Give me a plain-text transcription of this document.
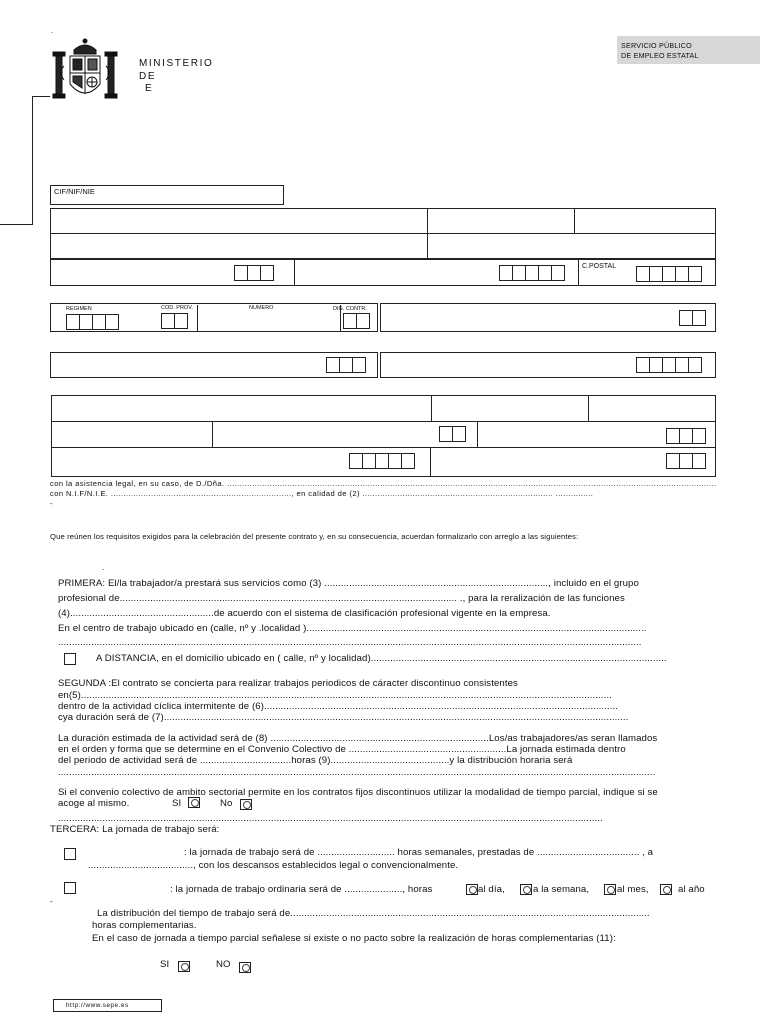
-
MINISTERIO
DE
E
SERVICIO PÚBLICO
DE EMPLEO ESTATAL
CIF/NIF/NIE
C.POSTAL
REGIMEN	COD. PROV.	NUMERO	DIG. CONTR.
con la asistencia legal, en su caso, de D./Dña. ...................................................................................................................................................................................................
con N.I.F/N.I.E. ........................................................................, en calidad de (2) ............................................................................ ...............
-
Que reúnen los requisitos exigidos para la celebración del presente contrato y, en su consecuencia, acuerdan formalizarlo con arreglo a las siguientes:
.
PRIMERA: El/la trabajador/a prestará sus servicios como (3) ................................................................................., incluido en el grupo
profesional de.......................................................................................................................... ., para la reralización de las funciones
(4)....................................................de acuerdo con el sistema de clasificación profesional vigente en la empresa.
En el centro de trabajo ubicado en (calle, nº y .localidad )...........................................................................................................................
...................................................................................................................................................................................................................
A DISTANCIA, en el domicilio ubicado en ( calle, nº y localidad)...........................................................................................................
SEGUNDA :El contrato se concierta para realizar trabajos periodicos de cáracter discontinuo consistentes
en(5)................................................................................................................................................................................................
dentro de la actividad cíclica intermitente de (6)................................................................................................................................
cya duración será de (7)........................................................................................................................................................................
La duración estimada de la actividad será de (8) ...............................................................................Los/as trabajadores/as seran llamados
en el orden y forma que se determine en el Convenio Colectivo de .........................................................La jornada estimada dentro
del periodo de actividad será de .................................horas (9)...........................................y la distribución horaria será
........................................................................................................................................................................................................................
Si el convenio colectivo de ambito sectorial permite en los contratos fijos discontinuos utilizar la modalidad de tiempo parcial, indique si se
acoge al mismo.	SI	No
.....................................................................................................................................................................................................
TERCERA: La jornada de trabajo será:
: la jornada de trabajo será de ............................ horas semanales, prestadas de ..................................... , a
......................................, con los descansos establecidos legal o convencionalmente.
: la jornada de trabajo ordinaria será de ....................., horas	al día,	a la semana,	al mes,	al año
-
La distribución del tiempo de trabajo será de..................................................................................................................................
horas complementarias.
En el caso de jornada a tiempo parcial señalese si existe o no pacto sobre la realización de horas complementarias (11):
SI	NO
http://www.sepe.es
